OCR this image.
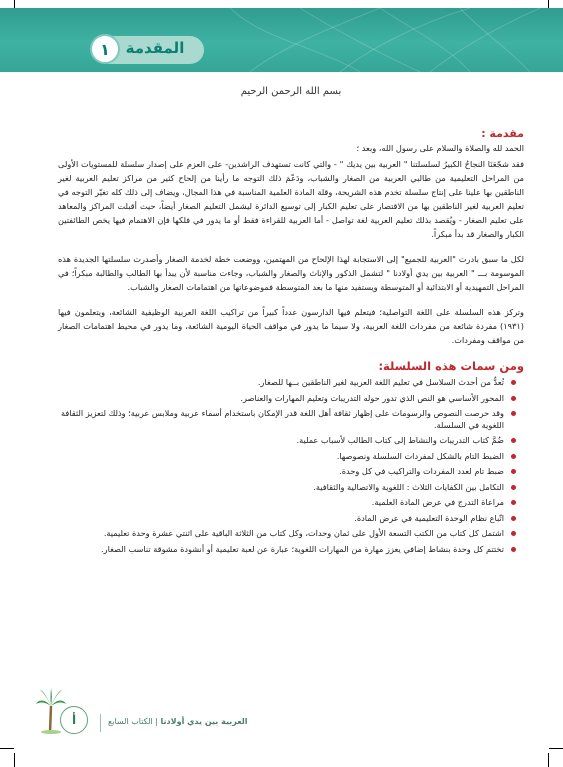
المقدمة
١
بسم الله الرحمن الرحيم
مقدمة :
الحمد لله والصلاة والسلام على رسول الله، وبعد ؛
فقد شجّعَنَا النجاحُ الكبيرُ لسلسلتنا " العربية بين يديك " - والتي كانت تستهدف الراشدين- على العزم على إصدار سلسلة للمستويات الأولى من المراحل التعليمية من طالبي العربية من الصغار والشباب، ودَعّمَ ذلك التوجه ما رأينا من إلحاح كثير من مراكز تعليم العربية لغير الناطقين بها علينا على إنتاج سلسلة تخدم هذه الشريحة، وقلة المادة العلمية المناسبة في هذا المجال، ويضاف إلى ذلك كله تغيّر التوجه في تعليم العربية لغير الناطقين بها من الاقتصار على تعليم الكبار إلى توسيع الدائرة ليشمل التعليم الصغار أيضاً، حيث أقبلت المراكز والمعاهد على تعليم الصغار - ويُقصد بذلك تعليم العربية لغة تواصل - أما العربية للقراءة فقط أو ما يدور في فلكها فإن الاهتمام فيها يخص الطائفتين الكبار والصغار قد بدأ مبكراً.
لكل ما سبق بادرت "العربية للجميع" إلى الاستجابة لهذا الإلحاح من المهتمين، ووضعت خطة لخدمة الصغار وأصدرت سلسلتها الجديدة هذه الموسومة بـــ " العربية بين يدي أولادنا " لتشمل الذكور والإناث والصغار والشباب، وجاءت مناسبة لأن يبدأ بها الطالب والطالبة مبكراً؛ في المراحل التمهيدية أو الابتدائية أو المتوسطة ويستفيد منها ما بعد المتوسطة فموضوعاتها من اهتمامات الصغار والشباب.
وتركز هذه السلسلة على اللغة التواصلية؛ فيتعلم فيها الدارسون عدداً كبيراً من تراكيب اللغة العربية الوظيفية الشائعة، ويتعلمون فيها (١٩٣١) مفردة شائعة من مفردات اللغة العربية، ولا سيما ما يدور في مواقف الحياة اليومية الشائعة، وما يدور في محيط اهتمامات الصغار من مواقف ومفردات.
ومن سمات هذه السلسلة:
تُعدُّ من أحدث السلاسل في تعليم اللغة العربية لغير الناطقين بــها للصغار.
المحور الأساسي هو النص الذي تدور حوله التدريبات وتعليم المهارات والعناصر.
وقد حرصت النصوص والرسومات على إظهار ثقافة أهل اللغة قدر الإمكان باستخدام أسماء عربية وملابس عربية؛ وذلك لتعزيز الثقافة اللغوية في السلسلة.
ضُمَّ كتاب التدريبات والنشاط إلى كتاب الطالب لأسباب عملية.
الضبط التام بالشكل لمفردات السلسلة ونصوصها.
ضبط تام لعدد المفردات والتراكيب في كل وحدة.
التكامل بين الكفايات الثلاث : اللغوية والاتصالية والثقافية.
مراعاة التدرج في عرض المادة العلمية.
اتّباع نظام الوحدة التعليمية في عرض المادة.
اشتمل كل كتاب من الكتب التسعة الأول على ثمان وحدات، وكل كتاب من الثلاثة الباقية على اثنتي عشرة وحدة تعليمية.
تختتم كل وحدة بنشاط إضافي يعزز مهارة من المهارات اللغوية؛ عبارة عن لعبة تعليمية أو أنشودة مشوقة تناسب الصغار.
أ	العربية بين يدي أولادنا | الكتاب السابع
